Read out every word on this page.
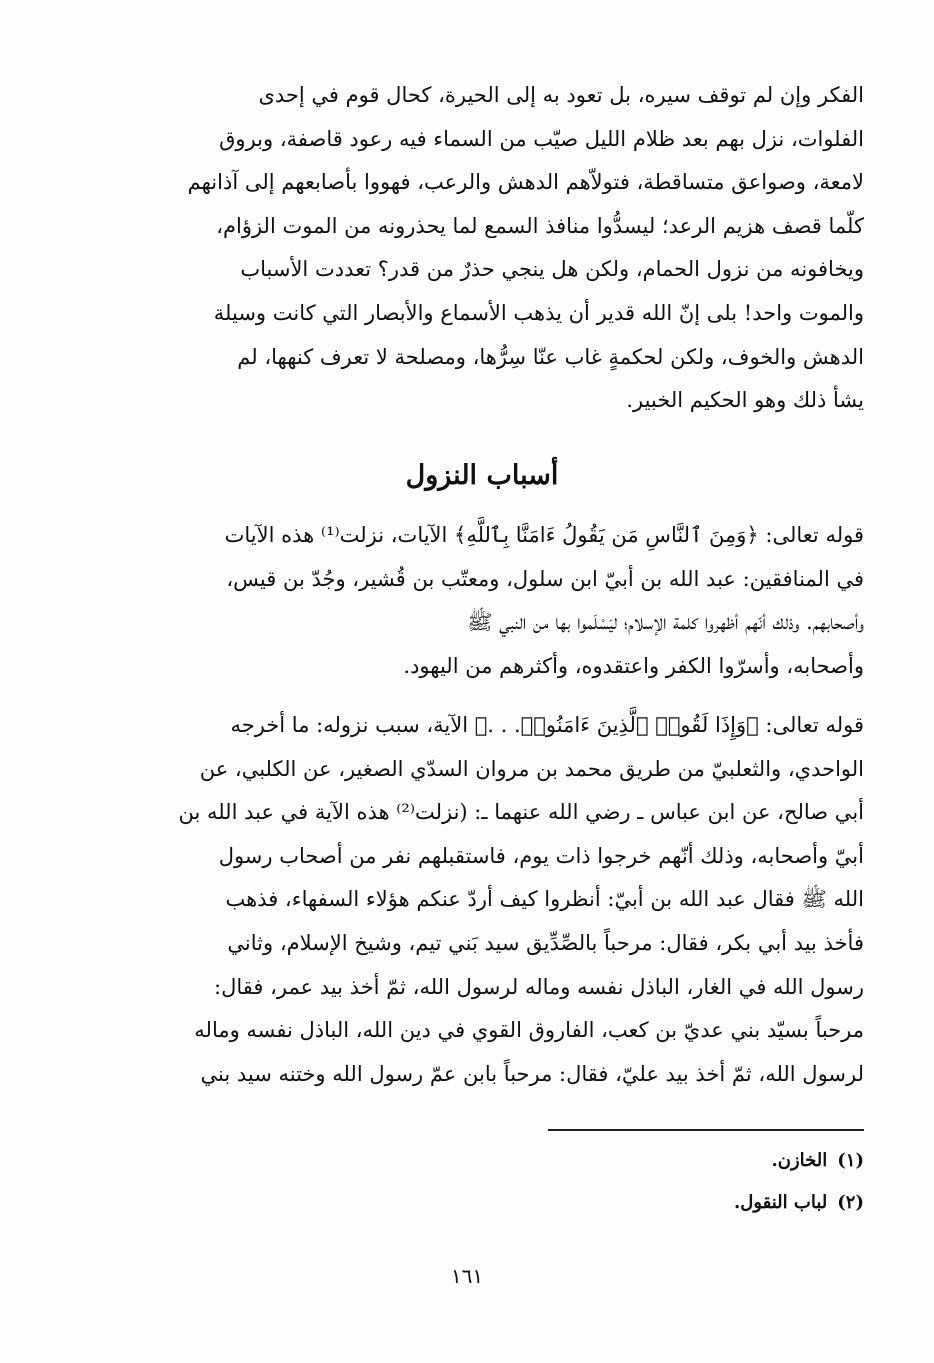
الفكر وإن لم توقف سيره، بل تعود به إلى الحيرة، كحال قوم في إحدى
الفلوات، نزل بهم بعد ظلام الليل صيّب من السماء فيه رعود قاصفة، وبروق
لامعة، وصواعق متساقطة، فتولاّهم الدهش والرعب، فهووا بأصابعهم إلى آذانهم
كلّما قصف هزيم الرعد؛ ليسدُّوا منافذ السمع لما يحذرونه من الموت الزؤام،
ويخافونه من نزول الحمام، ولكن هل ينجي حذرٌ من قدر؟ تعددت الأسباب
والموت واحد! بلى إنّ الله قدير أن يذهب الأسماع والأبصار التي كانت وسيلة
الدهش والخوف، ولكن لحكمةٍ غاب عنّا سِرُّها، ومصلحة لا تعرف كنهها، لم
يشأ ذلك وهو الحكيم الخبير.
أسباب النزول
قوله تعالى: ﴿وَمِنَ ٱلنَّاسِ مَن يَقُولُ ءَامَنَّا بِٱللَّهِ﴾ الآيات، نزلت⁽¹⁾ هذه الآيات
في المنافقين: عبد الله بن أبيّ ابن سلول، ومعتّب بن قُشير، وجُدّ بن قيس،
وأصحابهم. وذلك أنّهم أظهروا كلمة الإسلام؛ ليَسْلَموا بها من النبي ﷺ
وأصحابه، وأسرّوا الكفر واعتقدوه، وأكثرهم من اليهود.
قوله تعالى: ﴿وَإِذَا لَقُوا۟ ٱلَّذِينَ ءَامَنُوا۟. . .﴾ الآية، سبب نزوله: ما أخرجه
الواحدي، والثعلبيّ من طريق محمد بن مروان السدّي الصغير، عن الكلبي، عن
أبي صالح، عن ابن عباس ـ رضي الله عنهما ـ: (نزلت⁽²⁾ هذه الآية في عبد الله بن
أبيّ وأصحابه، وذلك أنّهم خرجوا ذات يوم، فاستقبلهم نفر من أصحاب رسول
الله ﷺ فقال عبد الله بن أبيّ: أنظروا كيف أردّ عنكم هؤلاء السفهاء، فذهب
فأخذ بيد أبي بكر، فقال: مرحباً بالصِّدِّيق سيد بَني تيم، وشيخ الإسلام، وثاني
رسول الله في الغار، الباذل نفسه وماله لرسول الله، ثمّ أخذ بيد عمر، فقال:
مرحباً بسيّد بني عديّ بن كعب، الفاروق القوي في دين الله، الباذل نفسه وماله
لرسول الله، ثمّ أخذ بيد عليّ، فقال: مرحباً بابن عمّ رسول الله وختنه سيد بني
(١)الخازن.
(٢)لباب النقول.
١٦١
